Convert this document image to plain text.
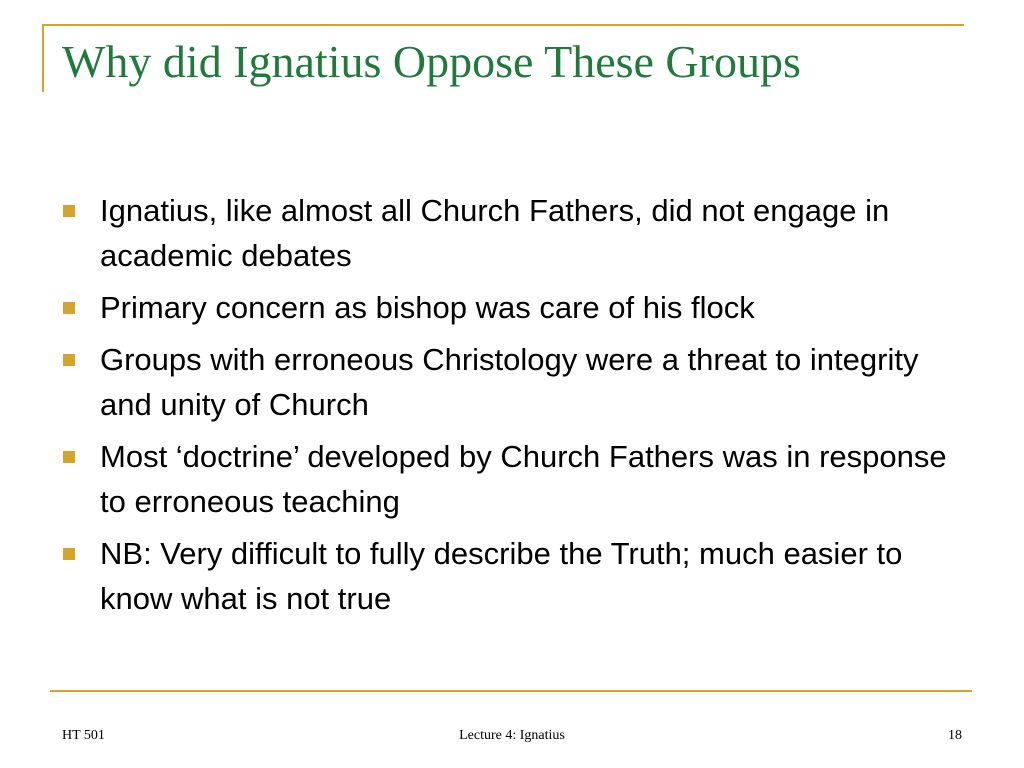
Why did Ignatius Oppose These Groups
Ignatius, like almost all Church Fathers, did not engage in academic debates
Primary concern as bishop was care of his flock
Groups with erroneous Christology were a threat to integrity and unity of Church
Most ‘doctrine’ developed by Church Fathers was in response to erroneous teaching
NB: Very difficult to fully describe the Truth; much easier to know what is not true
HT 501	Lecture 4: Ignatius	18
